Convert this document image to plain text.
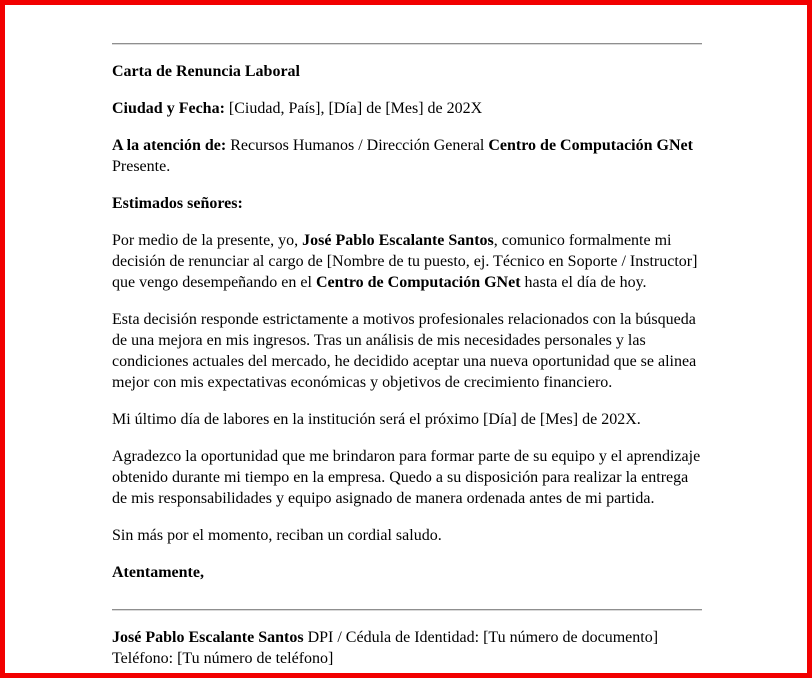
Carta de Renuncia Laboral

Ciudad y Fecha: [Ciudad, País], [Día] de [Mes] de 202X

A la atención de: Recursos Humanos / Dirección General Centro de Computación GNet
Presente.

Estimados señores:

Por medio de la presente, yo, José Pablo Escalante Santos, comunico formalmente mi decisión de renunciar al cargo de [Nombre de tu puesto, ej. Técnico en Soporte / Instructor] que vengo desempeñando en el Centro de Computación GNet hasta el día de hoy.

Esta decisión responde estrictamente a motivos profesionales relacionados con la búsqueda de una mejora en mis ingresos. Tras un análisis de mis necesidades personales y las condiciones actuales del mercado, he decidido aceptar una nueva oportunidad que se alinea mejor con mis expectativas económicas y objetivos de crecimiento financiero.

Mi último día de labores en la institución será el próximo [Día] de [Mes] de 202X.

Agradezco la oportunidad que me brindaron para formar parte de su equipo y el aprendizaje obtenido durante mi tiempo en la empresa. Quedo a su disposición para realizar la entrega de mis responsabilidades y equipo asignado de manera ordenada antes de mi partida.

Sin más por el momento, reciban un cordial saludo.

Atentamente,

José Pablo Escalante Santos DPI / Cédula de Identidad: [Tu número de documento]
Teléfono: [Tu número de teléfono]
